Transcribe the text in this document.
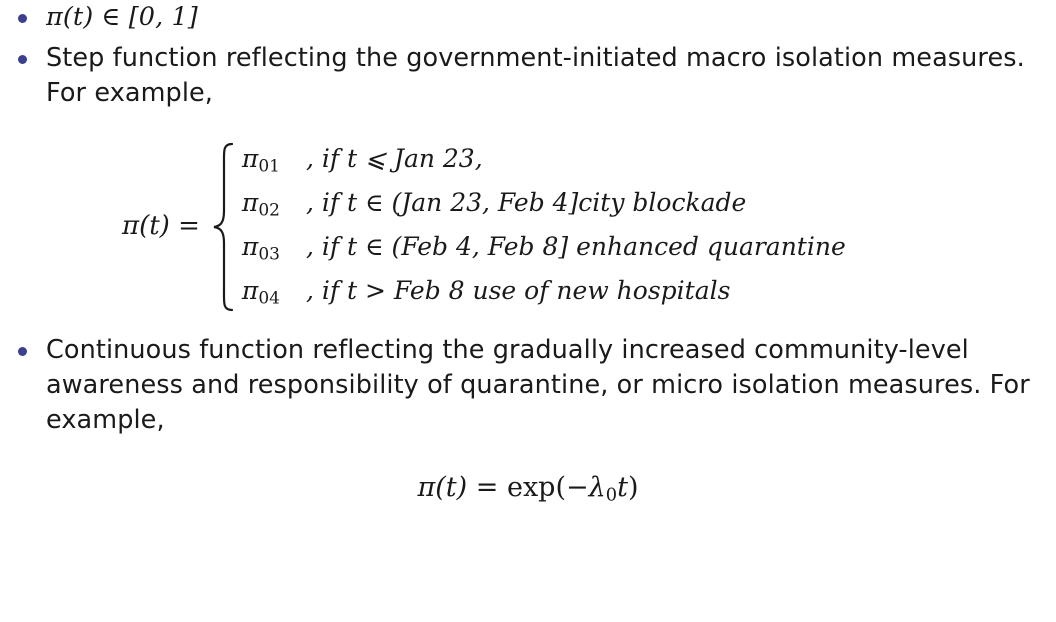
π(t) ∈ [0, 1]
Step function reflecting the government-initiated macro isolation measures. For example,
π(t) =
$\pi_{01}$	, if t ⩽ Jan 23,
$\pi_{02}$	, if t ∈ (Jan 23, Feb 4]city blockade
$\pi_{03}$	, if t ∈ (Feb 4, Feb 8] enhanced quarantine
$\pi_{04}$	, if t > Feb 8 use of new hospitals
Continuous function reflecting the gradually increased community-level awareness and responsibility of quarantine, or micro isolation measures. For example,
π(t) = exp(−λ0t)
